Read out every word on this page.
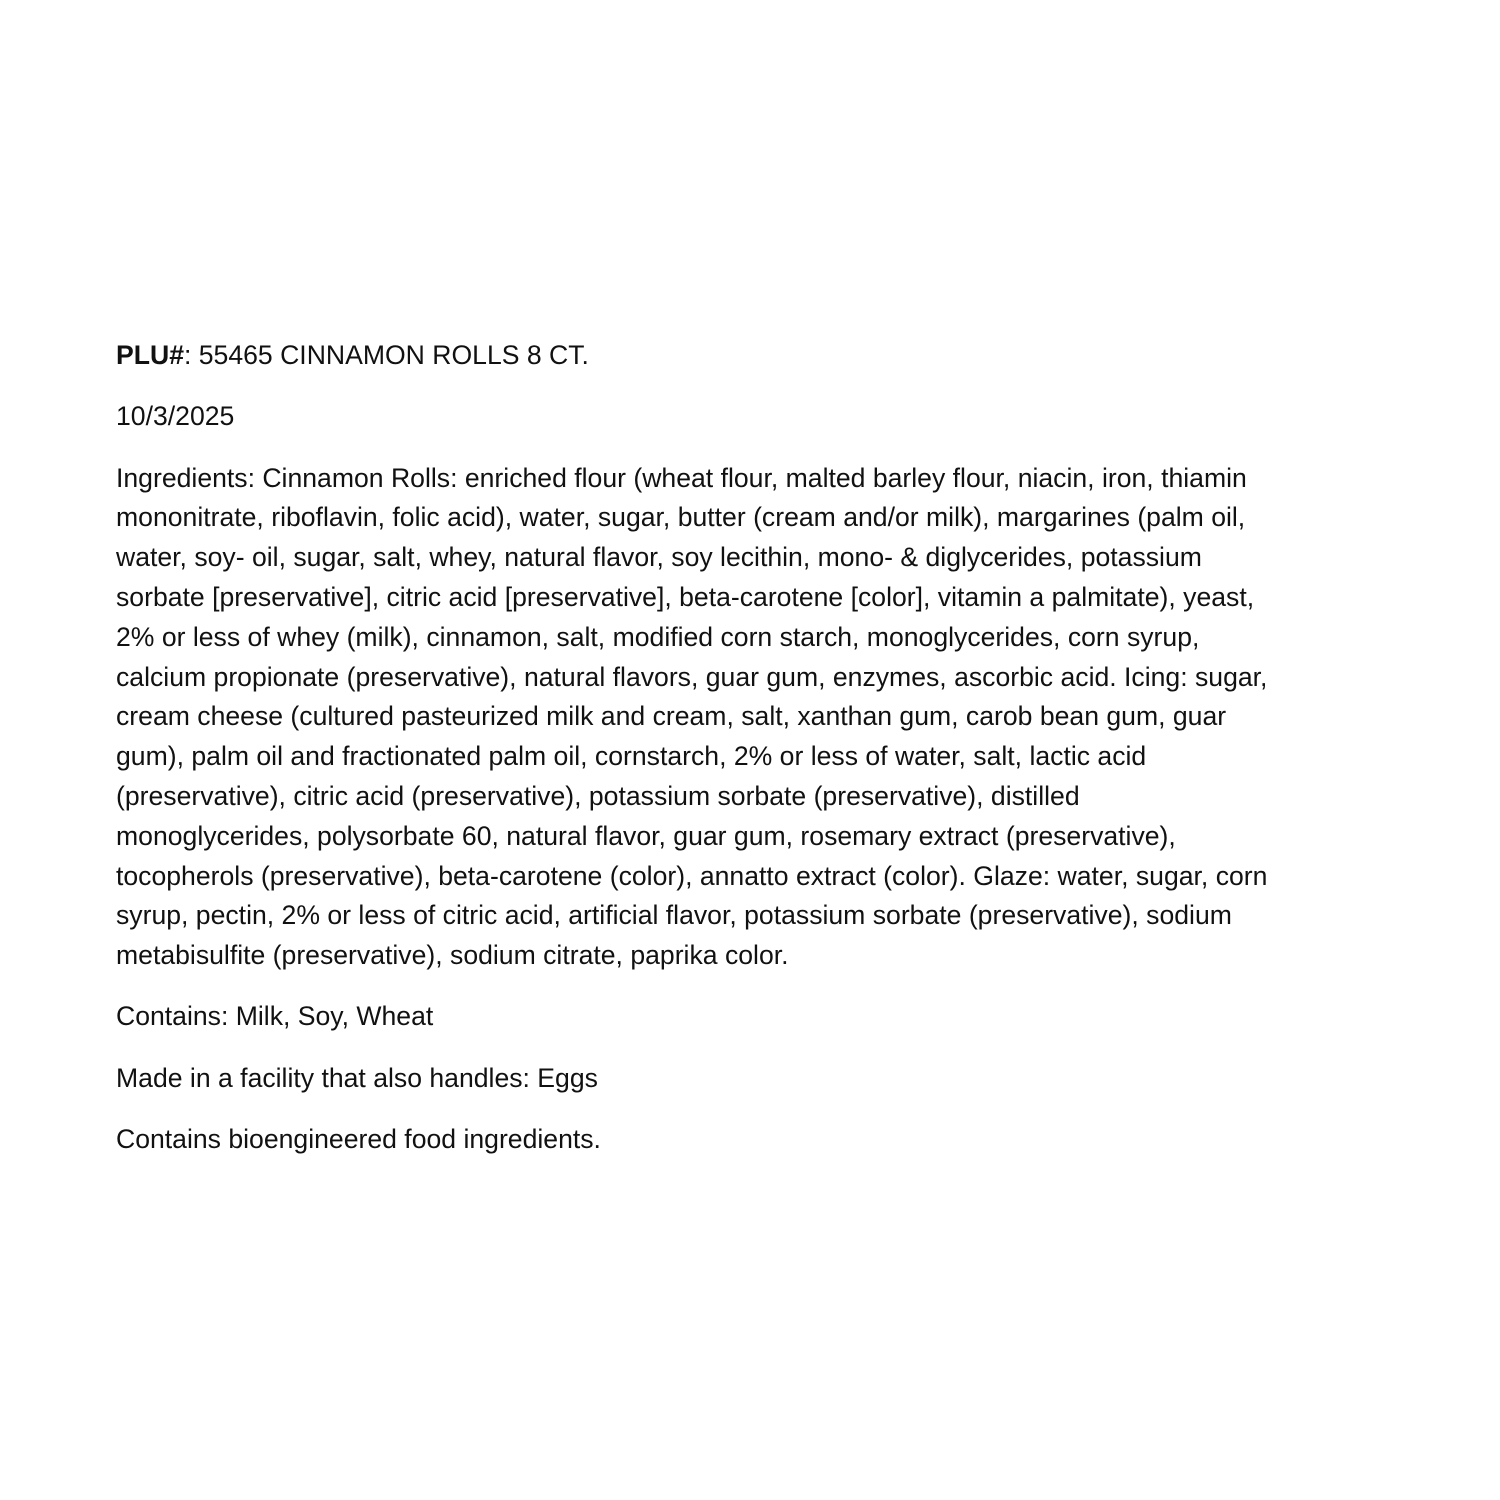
PLU#: 55465 CINNAMON ROLLS 8 CT.

10/3/2025

Ingredients: Cinnamon Rolls: enriched flour (wheat flour, malted barley flour, niacin, iron, thiamin
mononitrate, riboflavin, folic acid), water, sugar, butter (cream and/or milk), margarines (palm oil,
water, soy- oil, sugar, salt, whey, natural flavor, soy lecithin, mono- & diglycerides, potassium
sorbate [preservative], citric acid [preservative], beta-carotene [color], vitamin a palmitate), yeast,
2% or less of whey (milk), cinnamon, salt, modified corn starch, monoglycerides, corn syrup,
calcium propionate (preservative), natural flavors, guar gum, enzymes, ascorbic acid. Icing: sugar,
cream cheese (cultured pasteurized milk and cream, salt, xanthan gum, carob bean gum, guar
gum), palm oil and fractionated palm oil, cornstarch, 2% or less of water, salt, lactic acid
(preservative), citric acid (preservative), potassium sorbate (preservative), distilled
monoglycerides, polysorbate 60, natural flavor, guar gum, rosemary extract (preservative),
tocopherols (preservative), beta-carotene (color), annatto extract (color). Glaze: water, sugar, corn
syrup, pectin, 2% or less of citric acid, artificial flavor, potassium sorbate (preservative), sodium
metabisulfite (preservative), sodium citrate, paprika color.

Contains: Milk, Soy, Wheat

Made in a facility that also handles: Eggs

Contains bioengineered food ingredients.
